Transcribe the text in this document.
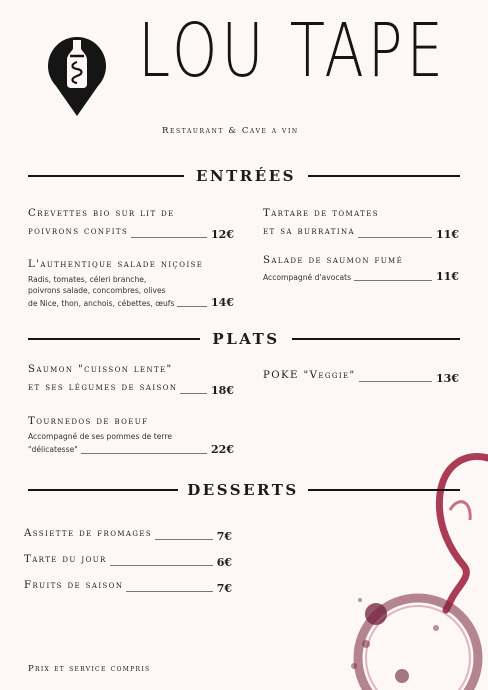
LOU TAPE
Restaurant & Cave a vin
ENTRÉES
Crevettes bio sur lit de
poivrons confits	12€
L'authentique salade niçoise
Radis, tomates, céleri branche,
poivrons salade, concombres, olives
de Nice, thon, anchois, cébettes, œufs	14€
Tartare de tomates
et sa burratina	11€
Salade de saumon fumé
Accompagné d'avocats	11€
PLATS
Saumon "cuisson lente"
et ses légumes de saison	18€
Tournedos de boeuf
Accompagné de ses pommes de terre
"délicatesse"	22€
POKE "Veggie"	13€
DESSERTS
Assiette de fromages	7€
Tarte du jour	6€
Fruits de saison	7€
Prix et service compris
